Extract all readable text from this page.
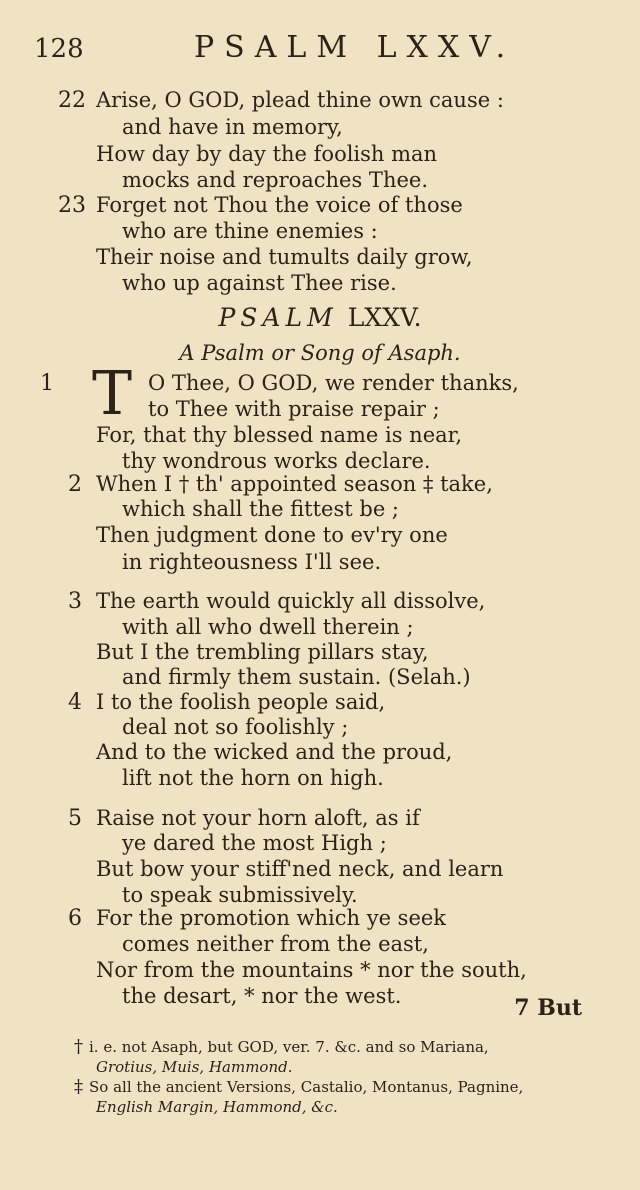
128	PSALM LXXV.
22 Arise, O GOD, plead thine own cause :
and have in memory,
How day by day the foolish man
mocks and reproaches Thee.
23 Forget not Thou the voice of those
who are thine enemies :
Their noise and tumults daily grow,
who up against Thee rise.
PSALM LXXV.
A Psalm or Song of Asaph.
T
1	O Thee, O GOD, we render thanks,
to Thee with praise repair ;
For, that thy blessed name is near,
thy wondrous works declare.
2 When I † th' appointed season ‡ take,
which shall the fittest be ;
Then judgment done to ev'ry one
in righteousness I'll see.
3 The earth would quickly all dissolve,
with all who dwell therein ;
But I the trembling pillars stay,
and firmly them sustain. (Selah.)
4 I to the foolish people said,
deal not so foolishly ;
And to the wicked and the proud,
lift not the horn on high.
5 Raise not your horn aloft, as if
ye dared the most High ;
But bow your stiff'ned neck, and learn
to speak submissively.
6 For the promotion which ye seek
comes neither from the east,
Nor from the mountains * nor the south,
the desart, * nor the west.	7 But
† i. e. not Asaph, but GOD, ver. 7. &c. and so Mariana,
Grotius, Muis, Hammond.
‡ So all the ancient Versions, Castalio, Montanus, Pagnine,
English Margin, Hammond, &c.
